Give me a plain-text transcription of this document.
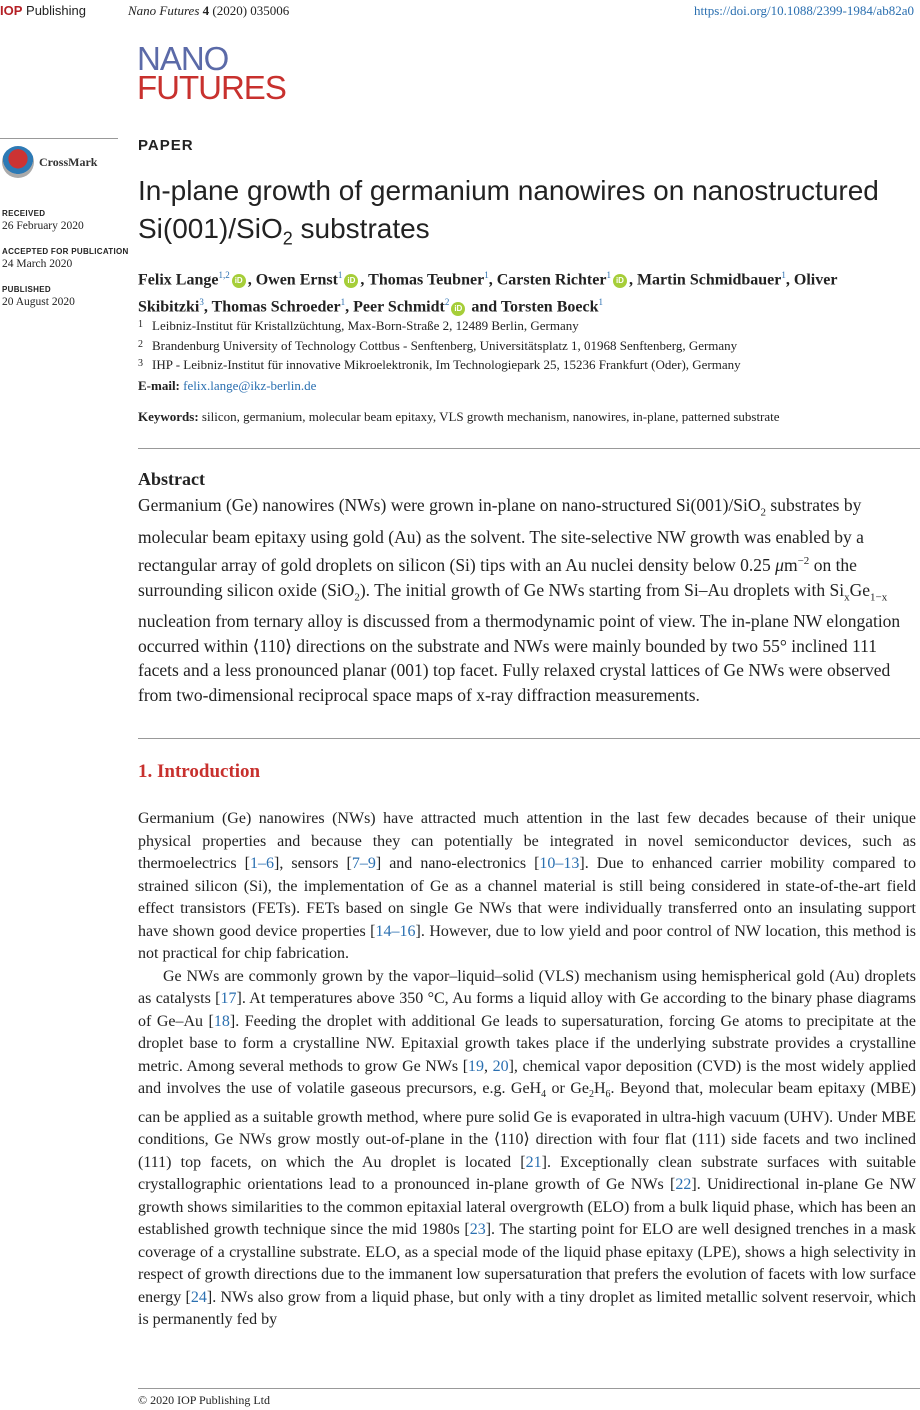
IOP Publishing	Nano Futures 4 (2020) 035006	https://doi.org/10.1088/2399-1984/ab82a0
NANO
FUTURES
CrossMark
RECEIVED
26 February 2020
ACCEPTED FOR PUBLICATION
24 March 2020
PUBLISHED
20 August 2020
PAPER
In-plane growth of germanium nanowires on nanostructured
Si(001)/SiO$_2$ substrates
Felix Lange$^{1,2}$iD , Owen Ernst$^1$iD , Thomas Teubner$^1$, Carsten Richter$^1$iD , Martin Schmidbauer$^1$, Oliver Skibitzki$^3$, Thomas Schroeder$^1$, Peer Schmidt$^2$iD and Torsten Boeck$^1$
1 Leibniz-Institut für Kristallzüchtung, Max-Born-Straße 2, 12489 Berlin, Germany
2 Brandenburg University of Technology Cottbus - Senftenberg, Universitätsplatz 1, 01968 Senftenberg, Germany
3 IHP - Leibniz-Institut für innovative Mikroelektronik, Im Technologiepark 25, 15236 Frankfurt (Oder), Germany
E-mail: felix.lange@ikz-berlin.de
Keywords: silicon, germanium, molecular beam epitaxy, VLS growth mechanism, nanowires, in-plane, patterned substrate
Abstract
Germanium (Ge) nanowires (NWs) were grown in-plane on nano-structured Si(001)/SiO$_2$ substrates by molecular beam epitaxy using gold (Au) as the solvent. The site-selective NW growth was enabled by a rectangular array of gold droplets on silicon (Si) tips with an Au nuclei density below 0.25 $\mu m^{-2}$ on the surrounding silicon oxide (SiO$_2$). The initial growth of Ge NWs starting from Si–Au droplets with $Si_xGe_{1-x}$ nucleation from ternary alloy is discussed from a thermodynamic point of view. The in-plane NW elongation occurred within ⟨110⟩ directions on the substrate and NWs were mainly bounded by two 55° inclined 111 facets and a less pronounced planar (001) top facet. Fully relaxed crystal lattices of Ge NWs were observed from two-dimensional reciprocal space maps of x-ray diffraction measurements.
1. Introduction

Germanium (Ge) nanowires (NWs) have attracted much attention in the last few decades because of their unique physical properties and because they can potentially be integrated in novel semiconductor devices, such as thermoelectrics [1–6], sensors [7–9] and nano-electronics [10–13]. Due to enhanced carrier mobility compared to strained silicon (Si), the implementation of Ge as a channel material is still being considered in state-of-the-art field effect transistors (FETs). FETs based on single Ge NWs that were individually transferred onto an insulating support have shown good device properties [14–16]. However, due to low yield and poor control of NW location, this method is not practical for chip fabrication.

Ge NWs are commonly grown by the vapor–liquid–solid (VLS) mechanism using hemispherical gold (Au) droplets as catalysts [17]. At temperatures above 350 °C, Au forms a liquid alloy with Ge according to the binary phase diagrams of Ge–Au [18]. Feeding the droplet with additional Ge leads to supersaturation, forcing Ge atoms to precipitate at the droplet base to form a crystalline NW. Epitaxial growth takes place if the underlying substrate provides a crystalline metric. Among several methods to grow Ge NWs [19, 20], chemical vapor deposition (CVD) is the most widely applied and involves the use of volatile gaseous precursors, e.g. GeH$_4$ or $Ge_2H_6$. Beyond that, molecular beam epitaxy (MBE) can be applied as a suitable growth method, where pure solid Ge is evaporated in ultra-high vacuum (UHV). Under MBE conditions, Ge NWs grow mostly out-of-plane in the ⟨110⟩ direction with four flat (111) side facets and two inclined (111) top facets, on which the Au droplet is located [21]. Exceptionally clean substrate surfaces with suitable crystallographic orientations lead to a pronounced in-plane growth of Ge NWs [22]. Unidirectional in-plane Ge NW growth shows similarities to the common epitaxial lateral overgrowth (ELO) from a bulk liquid phase, which has been an established growth technique since the mid 1980s [23]. The starting point for ELO are well designed trenches in a mask coverage of a crystalline substrate. ELO, as a special mode of the liquid phase epitaxy (LPE), shows a high selectivity in respect of growth directions due to the immanent low supersaturation that prefers the evolution of facets with low surface energy [24]. NWs also grow from a liquid phase, but only with a tiny droplet as limited metallic solvent reservoir, which is permanently fed by

© 2020 IOP Publishing Ltd
